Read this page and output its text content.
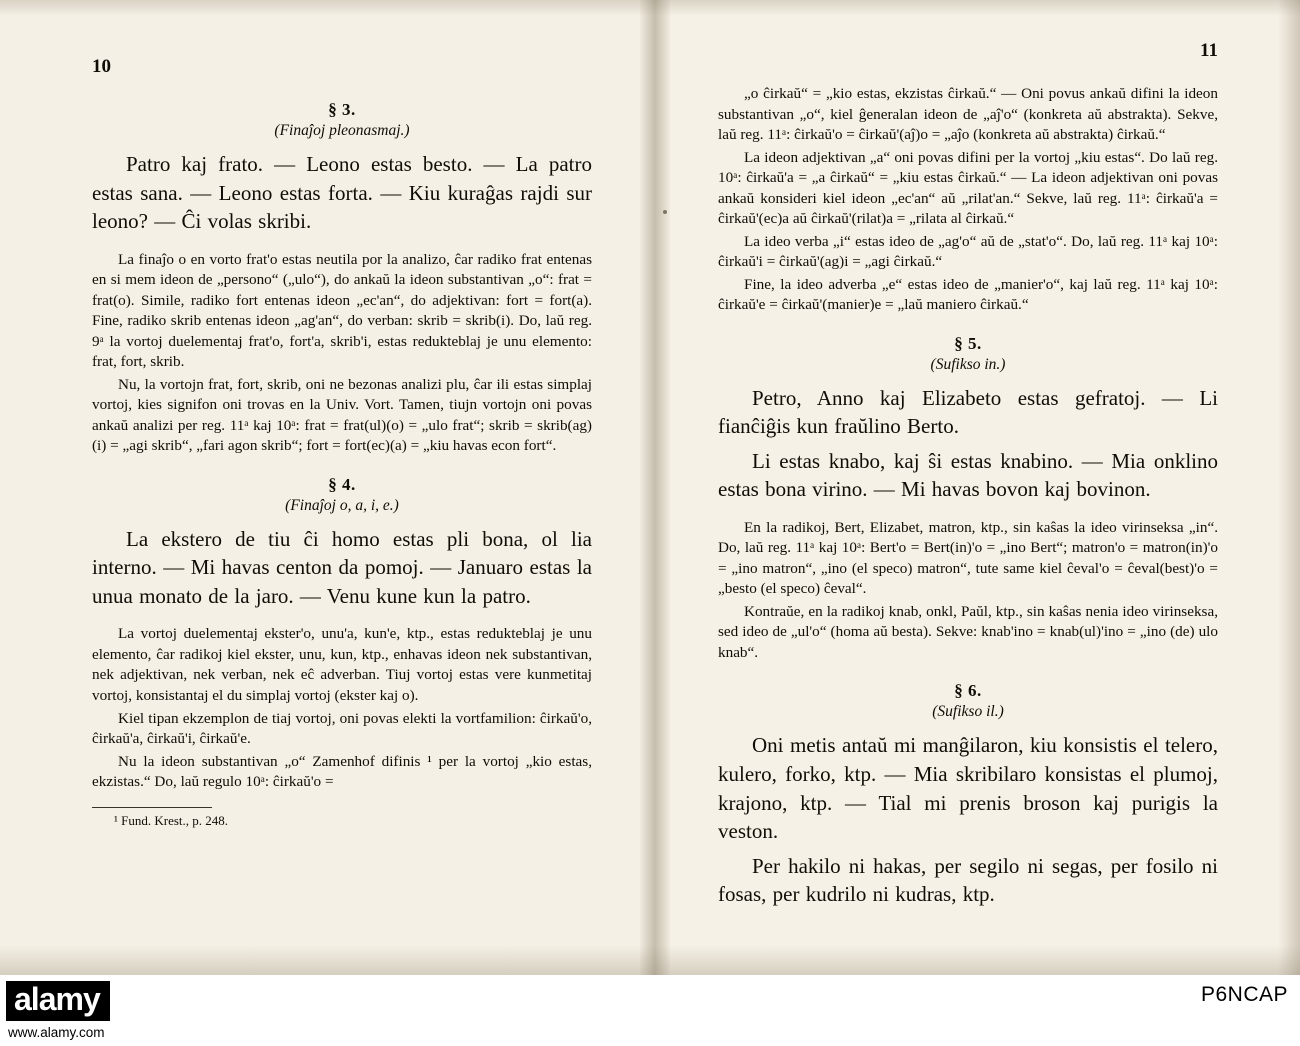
10
§ 3.
(Finaĵoj pleonasmaj.)

Patro kaj frato. — Leono estas besto. — La patro estas sana. — Leono estas forta. — Kiu kuraĝas rajdi sur leono? — Ĉi volas skribi.

La finaĵo o en vorto frat'o estas neutila por la analizo, ĉar radiko frat entenas en si mem ideon de „persono“ („ulo“), do ankaŭ la ideon substantivan „o“: frat = frat(o). Simile, radiko fort entenas ideon „ec'an“, do adjektivan: fort = fort(a). Fine, radiko skrib entenas ideon „ag'an“, do verban: skrib = skrib(i). Do, laŭ reg. 9ᵃ la vortoj duelementaj frat'o, fort'a, skrib'i, estas redukteblaj je unu elemento: frat, fort, skrib.

Nu, la vortojn frat, fort, skrib, oni ne bezonas analizi plu, ĉar ili estas simplaj vortoj, kies signifon oni trovas en la Univ. Vort. Tamen, tiujn vortojn oni povas ankaŭ analizi per reg. 11ᵃ kaj 10ᵃ: frat = frat(ul)(o) = „ulo frat“; skrib = skrib(ag)(i) = „agi skrib“, „fari agon skrib“; fort = fort(ec)(a) = „kiu havas econ fort“.

§ 4.
(Finaĵoj o, a, i, e.)

La ekstero de tiu ĉi homo estas pli bona, ol lia interno. — Mi havas centon da pomoj. — Januaro estas la unua monato de la jaro. — Venu kune kun la patro.

La vortoj duelementaj ekster'o, unu'a, kun'e, ktp., estas redukteblaj je unu elemento, ĉar radikoj kiel ekster, unu, kun, ktp., enhavas ideon nek substantivan, nek adjektivan, nek verban, nek eĉ adverban. Tiuj vortoj estas vere kunmetitaj vortoj, konsistantaj el du simplaj vortoj (ekster kaj o).

Kiel tipan ekzemplon de tiaj vortoj, oni povas elekti la vortfamilion: ĉirkaŭ'o, ĉirkaŭ'a, ĉirkaŭ'i, ĉirkaŭ'e.

Nu la ideon substantivan „o“ Zamenhof difinis ¹ per la vortoj „kio estas, ekzistas.“ Do, laŭ regulo 10ᵃ: ĉirkaŭ'o =

¹ Fund. Krest., p. 248.

11

„o ĉirkaŭ“ = „kio estas, ekzistas ĉirkaŭ.“ — Oni povus ankaŭ difini la ideon substantivan „o“, kiel ĝeneralan ideon de „aĵ'o“ (konkreta aŭ abstrakta). Sekve, laŭ reg. 11ᵃ: ĉirkaŭ'o = ĉirkaŭ'(aĵ)o = „aĵo (konkreta aŭ abstrakta) ĉirkaŭ.“

La ideon adjektivan „a“ oni povas difini per la vortoj „kiu estas“. Do laŭ reg. 10ᵃ: ĉirkaŭ'a = „a ĉirkaŭ“ = „kiu estas ĉirkaŭ.“ — La ideon adjektivan oni povas ankaŭ konsideri kiel ideon „ec'an“ aŭ „rilat'an.“ Sekve, laŭ reg. 11ᵃ: ĉirkaŭ'a = ĉirkaŭ'(ec)a aŭ ĉirkaŭ'(rilat)a = „rilata al ĉirkaŭ.“

La ideo verba „i“ estas ideo de „ag'o“ aŭ de „stat'o“. Do, laŭ reg. 11ᵃ kaj 10ᵃ: ĉirkaŭ'i = ĉirkaŭ'(ag)i = „agi ĉirkaŭ.“

Fine, la ideo adverba „e“ estas ideo de „manier'o“, kaj laŭ reg. 11ᵃ kaj 10ᵃ: ĉirkaŭ'e = ĉirkaŭ'(manier)e = „laŭ maniero ĉirkaŭ.“

§ 5.
(Sufikso in.)

Petro, Anno kaj Elizabeto estas gefratoj. — Li fianĉiĝis kun fraŭlino Berto.

Li estas knabo, kaj ŝi estas knabino. — Mia onklino estas bona virino. — Mi havas bovon kaj bovinon.

En la radikoj, Bert, Elizabet, matron, ktp., sin kaŝas la ideo virinseksa „in“. Do, laŭ reg. 11ᵃ kaj 10ᵃ: Bert'o = Bert(in)'o = „ino Bert“; matron'o = matron(in)'o = „ino matron“, „ino (el speco) matron“, tute same kiel ĉeval'o = ĉeval(best)'o = „besto (el speco) ĉeval“.

Kontraŭe, en la radikoj knab, onkl, Paŭl, ktp., sin kaŝas nenia ideo virinseksa, sed ideo de „ul'o“ (homa aŭ besta). Sekve: knab'ino = knab(ul)'ino = „ino (de) ulo knab“.

§ 6.
(Sufikso il.)

Oni metis antaŭ mi manĝilaron, kiu konsistis el telero, kulero, forko, ktp. — Mia skribilaro konsistas el plumoj, krajono, ktp. — Tial mi prenis broson kaj purigis la veston.

Per hakilo ni hakas, per segilo ni segas, per fosilo ni fosas, per kudrilo ni kudras, ktp.

alamy
www.alamy.com
P6NCAP
